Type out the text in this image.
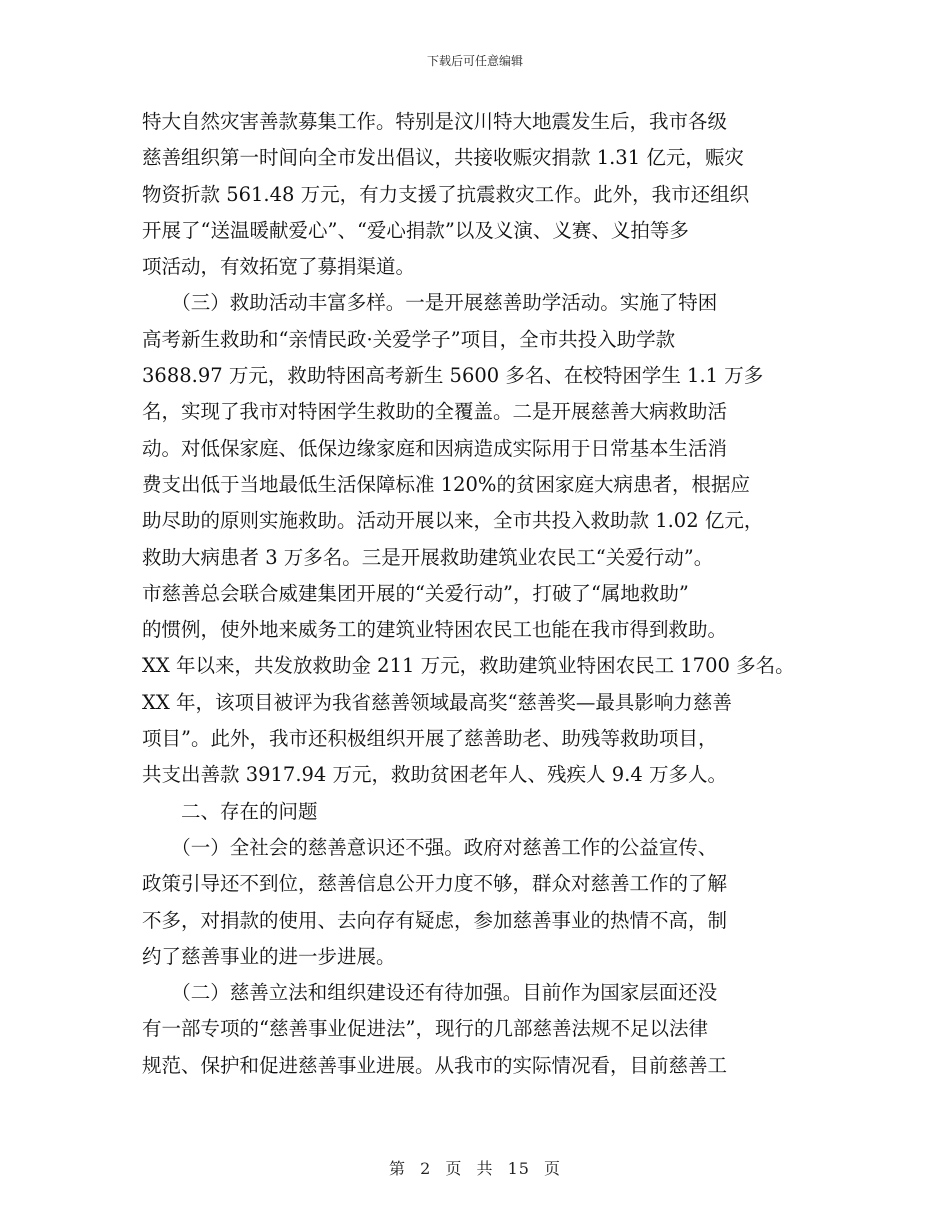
下载后可任意编辑
特大自然灾害善款募集工作。特别是汶川特大地震发生后，我市各级
慈善组织第一时间向全市发出倡议，共接收赈灾捐款 1.31 亿元，赈灾
物资折款 561.48 万元，有力支援了抗震救灾工作。此外，我市还组织
开展了“送温暖献爱心”、“爱心捐款”以及义演、义赛、义拍等多
项活动，有效拓宽了募捐渠道。
　　（三）救助活动丰富多样。一是开展慈善助学活动。实施了特困
高考新生救助和“亲情民政·关爱学子”项目，全市共投入助学款
3688.97 万元，救助特困高考新生 5600 多名、在校特困学生 1.1 万多
名，实现了我市对特困学生救助的全覆盖。二是开展慈善大病救助活
动。对低保家庭、低保边缘家庭和因病造成实际用于日常基本生活消
费支出低于当地最低生活保障标准 120%的贫困家庭大病患者，根据应
助尽助的原则实施救助。活动开展以来，全市共投入救助款 1.02 亿元，
救助大病患者 3 万多名。三是开展救助建筑业农民工“关爱行动”。
市慈善总会联合威建集团开展的“关爱行动”，打破了“属地救助”
的惯例，使外地来威务工的建筑业特困农民工也能在我市得到救助。
XX 年以来，共发放救助金 211 万元，救助建筑业特困农民工 1700 多名。
XX 年，该项目被评为我省慈善领域最高奖“慈善奖—最具影响力慈善
项目”。此外，我市还积极组织开展了慈善助老、助残等救助项目，
共支出善款 3917.94 万元，救助贫困老年人、残疾人 9.4 万多人。
　　二、存在的问题
　　（一）全社会的慈善意识还不强。政府对慈善工作的公益宣传、
政策引导还不到位，慈善信息公开力度不够，群众对慈善工作的了解
不多，对捐款的使用、去向存有疑虑，参加慈善事业的热情不高，制
约了慈善事业的进一步进展。
　　（二）慈善立法和组织建设还有待加强。目前作为国家层面还没
有一部专项的“慈善事业促进法”，现行的几部慈善法规不足以法律
规范、保护和促进慈善事业进展。从我市的实际情况看，目前慈善工
第 2 页 共 15 页
